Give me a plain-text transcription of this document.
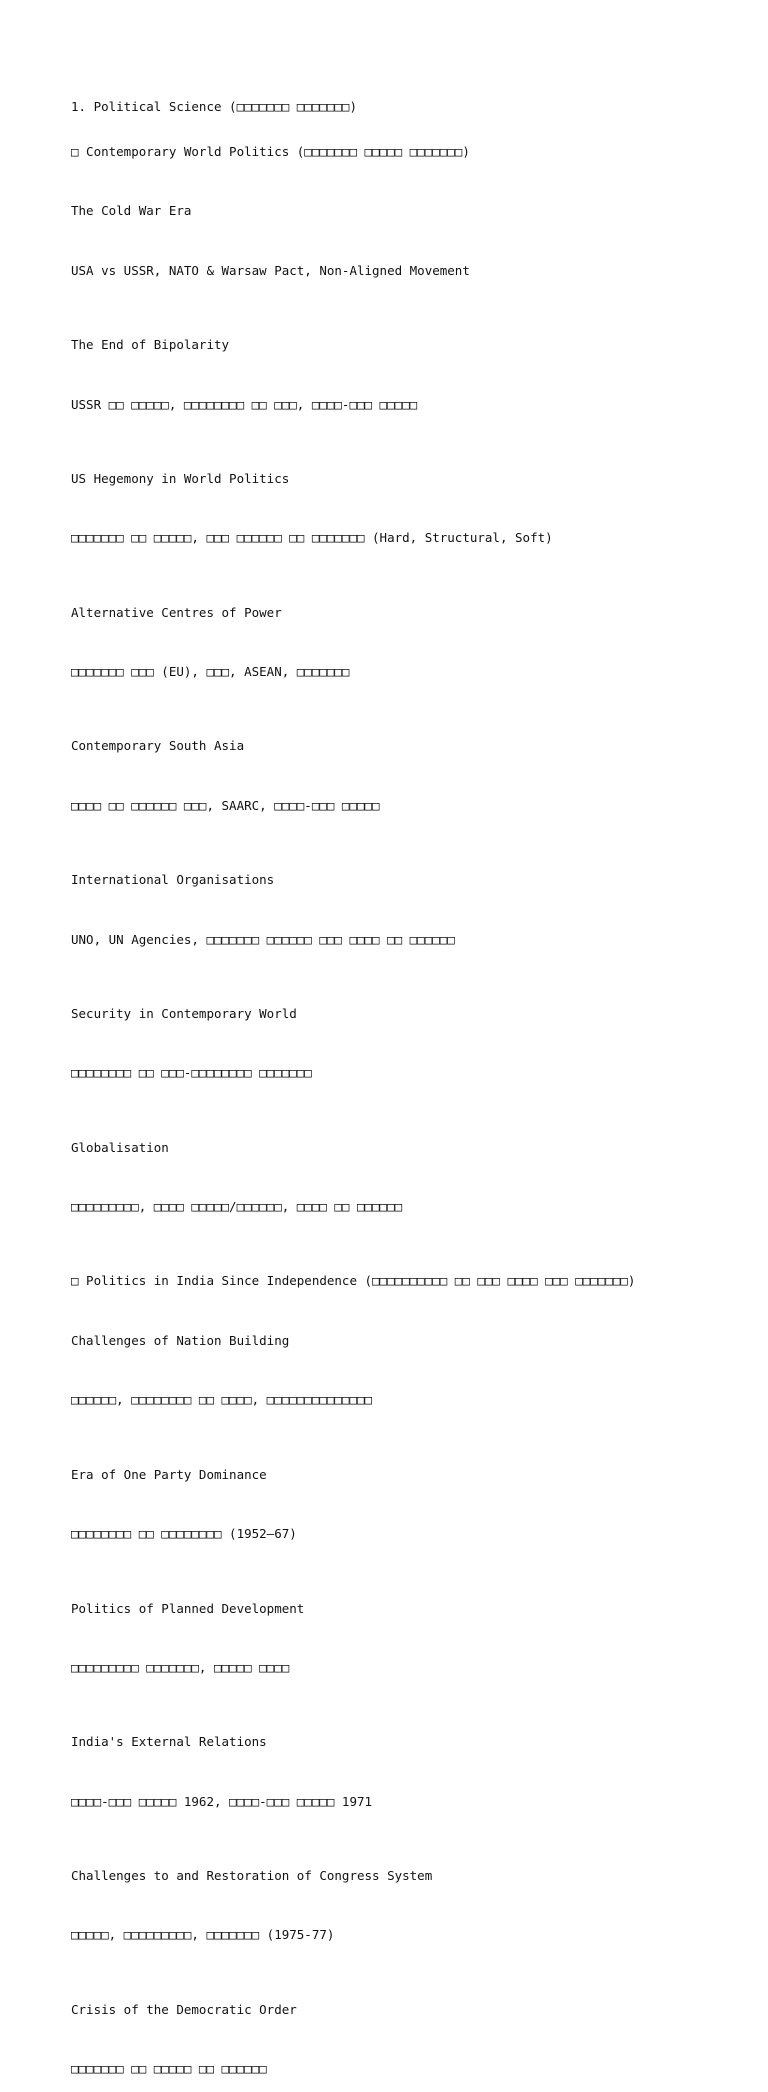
1. Political Science (□□□□□□□ □□□□□□□)

□ Contemporary World Politics (□□□□□□□ □□□□□ □□□□□□□)

The Cold War Era

USA vs USSR, NATO & Warsaw Pact, Non-Aligned Movement

The End of Bipolarity

USSR □□ □□□□□, □□□□□□□□ □□ □□□, □□□□-□□□ □□□□□

US Hegemony in World Politics

□□□□□□□ □□ □□□□□, □□□ □□□□□□ □□ □□□□□□□ (Hard, Structural, Soft)

Alternative Centres of Power

□□□□□□□ □□□ (EU), □□□, ASEAN, □□□□□□□

Contemporary South Asia

□□□□ □□ □□□□□□ □□□, SAARC, □□□□-□□□ □□□□□

International Organisations

UNO, UN Agencies, □□□□□□□ □□□□□□ □□□ □□□□ □□ □□□□□□

Security in Contemporary World

□□□□□□□□ □□ □□□-□□□□□□□□ □□□□□□□

Globalisation

□□□□□□□□□, □□□□ □□□□□/□□□□□□, □□□□ □□ □□□□□□

□ Politics in India Since Independence (□□□□□□□□□□ □□ □□□ □□□□ □□□ □□□□□□□)

Challenges of Nation Building

□□□□□□, □□□□□□□□ □□ □□□□, □□□□□□□□□□□□□□

Era of One Party Dominance

□□□□□□□□ □□ □□□□□□□□ (1952–67)

Politics of Planned Development

□□□□□□□□□ □□□□□□□, □□□□□ □□□□

India's External Relations

□□□□-□□□ □□□□□ 1962, □□□□-□□□ □□□□□ 1971

Challenges to and Restoration of Congress System

□□□□□, □□□□□□□□□, □□□□□□□ (1975-77)

Crisis of the Democratic Order

□□□□□□□ □□ □□□□□ □□ □□□□□□
